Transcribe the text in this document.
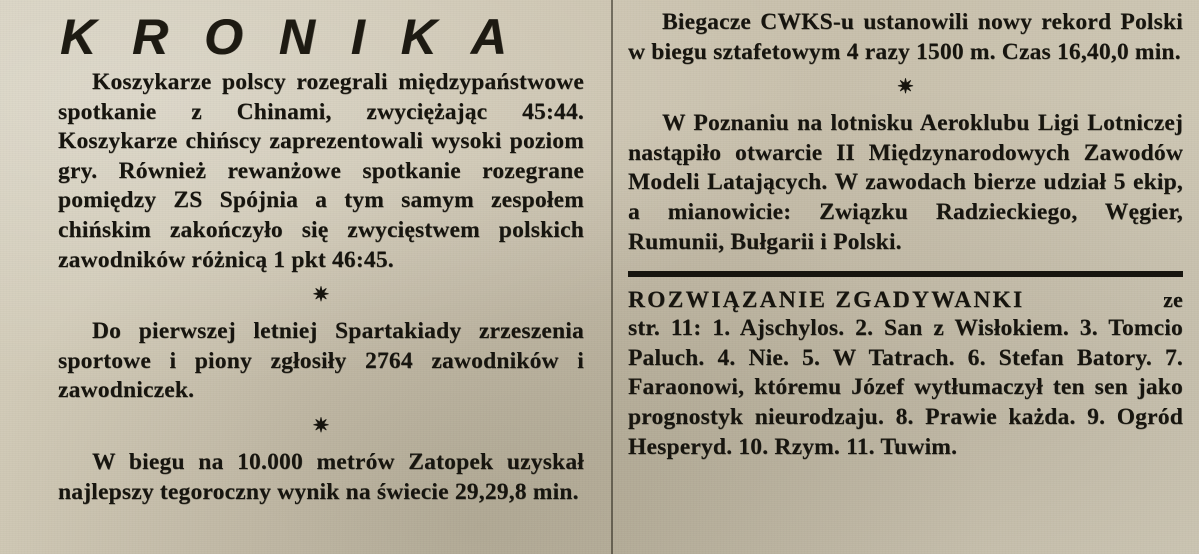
K R O N I K A

Koszykarze polscy rozegrali międzypaństwowe spotkanie z Chinami, zwyciężając 45:44. Koszykarze chińscy zaprezentowali wysoki poziom gry. Również rewanżowe spotkanie rozegrane pomiędzy ZS Spójnia a tym samym zespołem chińskim zakończyło się zwycięstwem polskich zawodników różnicą 1 pkt 46:45.

✷

Do pierwszej letniej Spartakiady zrzeszenia sportowe i piony zgłosiły 2764 zawodników i zawodniczek.

✷

W biegu na 10.000 metrów Zatopek uzyskał najlepszy tegoroczny wynik na świecie 29,29,8 min.

Biegacze CWKS-u ustanowili nowy rekord Polski w biegu sztafetowym 4 razy 1500 m. Czas 16,40,0 min.

✷

W Poznaniu na lotnisku Aeroklubu Ligi Lotniczej nastąpiło otwarcie II Międzynarodowych Zawodów Modeli Latających. W zawodach bierze udział 5 ekip, a mianowicie: Związku Radzieckiego, Węgier, Rumunii, Bułgarii i Polski.

ROZWIĄZANIE ZGADYWANKI	ze

str. 11: 1. Ajschylos. 2. San z Wisłokiem. 3. Tomcio Paluch. 4. Nie. 5. W Tatrach. 6. Stefan Batory. 7. Faraonowi, któremu Józef wytłumaczył ten sen jako prognostyk nieurodzaju. 8. Prawie każda. 9. Ogród Hesperyd. 10. Rzym. 11. Tuwim.
